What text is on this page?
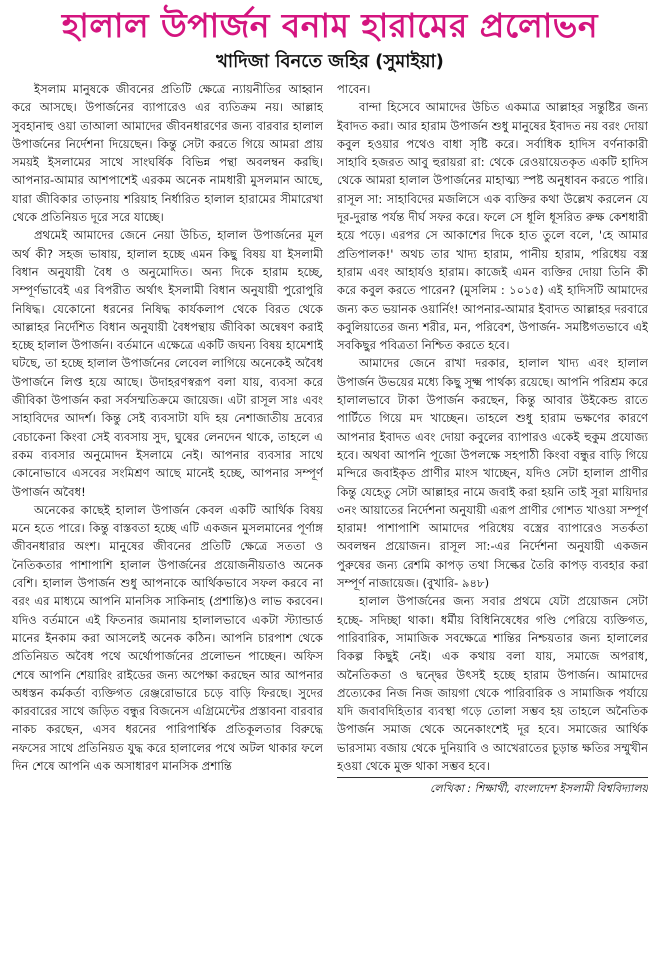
হালাল উপার্জন বনাম হারামের প্রলোভন
খাদিজা বিনতে জহির (সুমাইয়া)

ইসলাম মানুষকে জীবনের প্রতিটি ক্ষেত্রে ন্যায়নীতির আহ্বান করে আসছে। উপার্জনের ব্যাপারেও এর ব্যতিক্রম নয়। আল্লাহ সুবহানাহু ওয়া তাআলা আমাদের জীবনধারণের জন্য বারবার হালাল উপার্জনের নির্দেশনা দিয়েছেন। কিন্তু সেটা করতে গিয়ে আমরা প্রায় সময়ই ইসলামের সাথে সাংঘর্ষিক বিভিন্ন পন্থা অবলম্বন করছি। আপনার-আমার আশপাশেই এরকম অনেক নামধারী মুসলমান আছে, যারা জীবিকার তাড়নায় শরিয়াহ নির্ধারিত হালাল হারামের সীমারেখা থেকে প্রতিনিয়ত দূরে সরে যাচ্ছে।

প্রথমেই আমাদের জেনে নেয়া উচিত, হালাল উপার্জনের মূল অর্থ কী? সহজ ভাষায়, হালাল হচ্ছে এমন কিছু বিষয় যা ইসলামী বিধান অনুযায়ী বৈধ ও অনুমোদিত। অন্য দিকে হারাম হচ্ছে, সম্পূর্ণভাবেই এর বিপরীত অর্থাৎ ইসলামী বিধান অনুযায়ী পুরোপুরি নিষিদ্ধ। যেকোনো ধরনের নিষিদ্ধ কার্যকলাপ থেকে বিরত থেকে আল্লাহর নির্দেশিত বিধান অনুযায়ী বৈধপন্থায় জীবিকা অন্বেষণ করাই হচ্ছে হালাল উপার্জন। বর্তমানে এক্ষেত্রে একটি জঘন্য বিষয় হামেশাই ঘটছে, তা হচ্ছে হালাল উপার্জনের লেবেল লাগিয়ে অনেকেই অবৈধ উপার্জনে লিপ্ত হয়ে আছে। উদাহরণস্বরূপ বলা যায়, ব্যবসা করে জীবিকা উপার্জন করা সর্বসম্মতিক্রমে জায়েজ। এটা রাসূল সাঃ এবং সাহাবিদের আদর্শ। কিন্তু সেই ব্যবসাটা যদি হয় নেশাজাতীয় দ্রব্যের বেচাকেনা কিংবা সেই ব্যবসায় সুদ, ঘুষের লেনদেন থাকে, তাহলে এ রকম ব্যবসার অনুমোদন ইসলামে নেই। আপনার ব্যবসার সাথে কোনোভাবে এসবের সংমিশ্রণ আছে মানেই হচ্ছে, আপনার সম্পূর্ণ উপার্জন অবৈধ!

অনেকের কাছেই হালাল উপার্জন কেবল একটি আর্থিক বিষয় মনে হতে পারে। কিন্তু বাস্তবতা হচ্ছে এটি একজন মুসলমানের পূর্ণাঙ্গ জীবনধারার অংশ। মানুষের জীবনের প্রতিটি ক্ষেত্রে সততা ও নৈতিকতার পাশাপাশি হালাল উপার্জনের প্রয়োজনীয়তাও অনেক বেশি। হালাল উপার্জন শুধু আপনাকে আর্থিকভাবে সফল করবে না বরং এর মাধ্যমে আপনি মানসিক সাকিনাহ (প্রশান্তি)ও লাভ করবেন। যদিও বর্তমানে এই ফিতনার জমানায় হালালভাবে একটা স্ট্যান্ডার্ড মানের ইনকাম করা আসলেই অনেক কঠিন। আপনি চারপাশ থেকে প্রতিনিয়ত অবৈধ পথে অর্থোপার্জনের প্রলোভন পাচ্ছেন। অফিস শেষে আপনি শেয়ারিং রাইডের জন্য অপেক্ষা করছেন আর আপনার অধস্তন কর্মকর্তা ব্যক্তিগত রেঞ্জরোভারে চড়ে বাড়ি ফিরছে। সুদের কারবারের সাথে জড়িত বন্ধুর বিজনেস এগ্রিমেন্টের প্রস্তাবনা বারবার নাকচ করছেন, এসব ধরনের পারিপার্শ্বিক প্রতিকূলতার বিরুদ্ধে নফসের সাথে প্রতিনিয়ত যুদ্ধ করে হালালের পথে অটল থাকার ফলে দিন শেষে আপনি এক অসাধারণ মানসিক প্রশান্তি

পাবেন।

বান্দা হিসেবে আমাদের উচিত একমাত্র আল্লাহর সন্তুষ্টির জন্য ইবাদত করা। আর হারাম উপার্জন শুধু মানুষের ইবাদত নয় বরং দোয়া কবুল হওয়ার পথেও বাধা সৃষ্টি করে। সর্বাধিক হাদিস বর্ণনাকারী সাহাবি হজরত আবু হুরায়রা রা: থেকে রেওয়ায়েতকৃত একটি হাদিস থেকে আমরা হালাল উপার্জনের মাহাত্ম্য স্পষ্ট অনুধাবন করতে পারি। রাসূল সা: সাহাবিদের মজলিসে এক ব্যক্তির কথা উল্লেখ করলেন যে দূর-দুরান্ত পর্যন্ত দীর্ঘ সফর করে। ফলে সে ধূলি ধূসরিত রুক্ষ কেশধারী হয়ে পড়ে। এরপর সে আকাশের দিকে হাত তুলে বলে, 'হে আমার প্রতিপালক!' অথচ তার খাদ্য হারাম, পানীয় হারাম, পরিধেয় বস্ত্র হারাম এবং আহার্যও হারাম। কাজেই এমন ব্যক্তির দোয়া তিনি কী করে কবুল করতে পারেন? (মুসলিম : ১০১৫) এই হাদিসটি আমাদের জন্য কত ভয়ানক ওয়ার্নিং! আপনার-আমার ইবাদত আল্লাহর দরবারে কবুলিয়াতের জন্য শরীর, মন, পরিবেশ, উপার্জন- সমষ্টিগতভাবে এই সবকিছুর পবিত্রতা নিশ্চিত করতে হবে।

আমাদের জেনে রাখা দরকার, হালাল খাদ্য এবং হালাল উপার্জন উভয়ের মধ্যে কিছু সূক্ষ্ম পার্থক্য রয়েছে। আপনি পরিশ্রম করে হালালভাবে টাকা উপার্জন করছেন, কিন্তু আবার উইকেন্ড রাতে পার্টিতে গিয়ে মদ খাচ্ছেন। তাহলে শুধু হারাম ভক্ষণের কারণে আপনার ইবাদত এবং দোয়া কবুলের ব্যাপারও একেই হুকুম প্রযোজ্য হবে। অথবা আপনি পূজো উপলক্ষে সহপাঠী কিংবা বন্ধুর বাড়ি গিয়ে মন্দিরে জবাইকৃত প্রাণীর মাংস খাচ্ছেন, যদিও সেটা হালাল প্রাণীর কিন্তু যেহেতু সেটা আল্লাহর নামে জবাই করা হয়নি তাই সূরা মায়িদার ৩নং আয়াতের নির্দেশনা অনুযায়ী এরূপ প্রাণীর গোশত খাওয়া সম্পূর্ণ হারাম! পাশাপাশি আমাদের পরিধেয় বস্ত্রের ব্যাপারেও সতর্কতা অবলম্বন প্রয়োজন। রাসূল সা:-এর নির্দেশনা অনুযায়ী একজন পুরুষের জন্য রেশমি কাপড় তথা সিল্কের তৈরি কাপড় ব্যবহার করা সম্পূর্ণ নাজায়েজ। (বুখারি- ৯৪৮)

হালাল উপার্জনের জন্য সবার প্রথমে যেটা প্রয়োজন সেটা হচ্ছে- সদিচ্ছা থাকা। ধর্মীয় বিধিনিষেধের গণ্ডি পেরিয়ে ব্যক্তিগত, পারিবারিক, সামাজিক সবক্ষেত্রে শান্তির নিশ্চয়তার জন্য হালালের বিকল্প কিছুই নেই। এক কথায় বলা যায়, সমাজে অপরাধ, অনৈতিকতা ও দ্বন্দ্বের উৎসই হচ্ছে হারাম উপার্জন। আমাদের প্রত্যেকের নিজ নিজ জায়গা থেকে পারিবারিক ও সামাজিক পর্যায়ে যদি জবাবদিহিতার ব্যবস্থা গড়ে তোলা সম্ভব হয় তাহলে অনৈতিক উপার্জন সমাজ থেকে অনেকাংশেই দূর হবে। সমাজের আর্থিক ভারসাম্য বজায় থেকে দুনিয়াবি ও আখেরাতের চূড়ান্ত ক্ষতির সম্মুখীন হওয়া থেকে মুক্ত থাকা সম্ভব হবে।

লেখিকা : শিক্ষার্থী, বাংলাদেশ ইসলামী বিশ্ববিদ্যালয়
